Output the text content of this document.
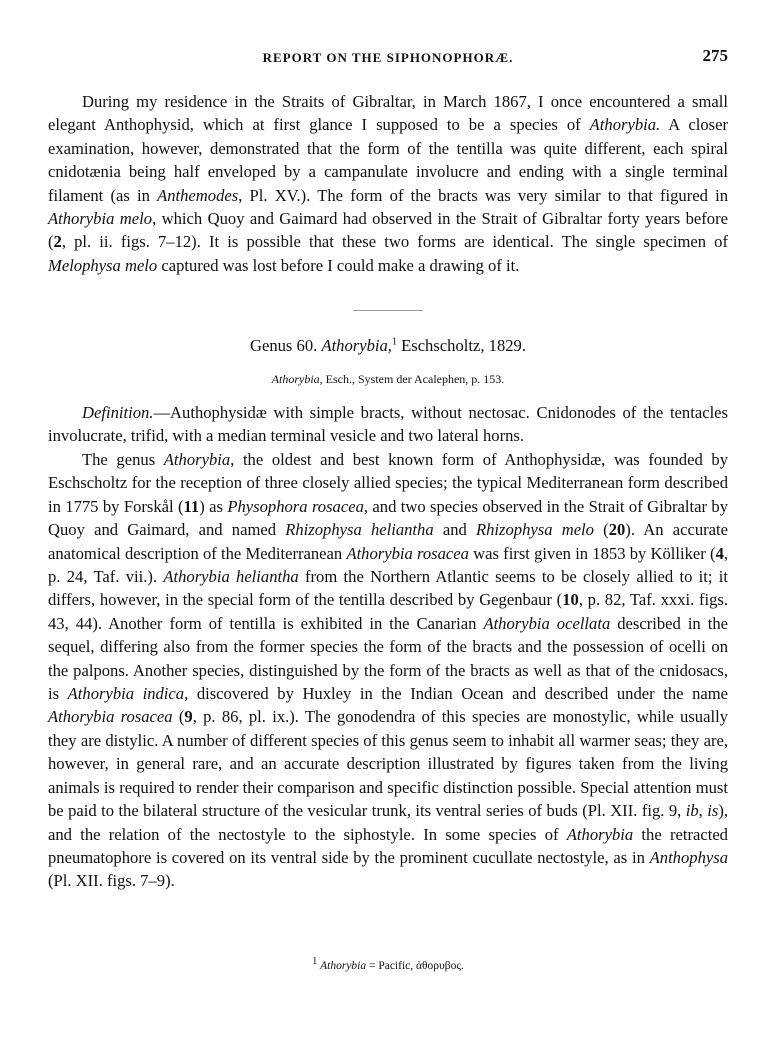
REPORT ON THE SIPHONOPHORÆ.	275

During my residence in the Straits of Gibraltar, in March 1867, I once encountered a small elegant Anthophysid, which at first glance I supposed to be a species of Athorybia. A closer examination, however, demonstrated that the form of the tentilla was quite different, each spiral cnidotænia being half enveloped by a campanulate involucre and ending with a single terminal filament (as in Anthemodes, Pl. XV.). The form of the bracts was very similar to that figured in Athorybia melo, which Quoy and Gaimard had observed in the Strait of Gibraltar forty years before (2, pl. ii. figs. 7–12). It is possible that these two forms are identical. The single specimen of Melophysa melo captured was lost before I could make a drawing of it.

Genus 60. Athorybia,$^1$ Eschscholtz, 1829.
Athorybia, Esch., System der Acalephen, p. 153.

Definition.—Authophysidæ with simple bracts, without nectosac. Cnidonodes of the tentacles involucrate, trifid, with a median terminal vesicle and two lateral horns.

The genus Athorybia, the oldest and best known form of Anthophysidæ, was founded by Eschscholtz for the reception of three closely allied species; the typical Mediterranean form described in 1775 by Forskål (11) as Physophora rosacea, and two species observed in the Strait of Gibraltar by Quoy and Gaimard, and named Rhizophysa heliantha and Rhizophysa melo (20). An accurate anatomical description of the Mediterranean Athorybia rosacea was first given in 1853 by Kölliker (4, p. 24, Taf. vii.). Athorybia heliantha from the Northern Atlantic seems to be closely allied to it; it differs, however, in the special form of the tentilla described by Gegenbaur (10, p. 82, Taf. xxxi. figs. 43, 44). Another form of tentilla is exhibited in the Canarian Athorybia ocellata described in the sequel, differing also from the former species the form of the bracts and the possession of ocelli on the palpons. Another species, distinguished by the form of the bracts as well as that of the cnidosacs, is Athorybia indica, discovered by Huxley in the Indian Ocean and described under the name Athorybia rosacea (9, p. 86, pl. ix.). The gonodendra of this species are monostylic, while usually they are distylic. A number of different species of this genus seem to inhabit all warmer seas; they are, however, in general rare, and an accurate description illustrated by figures taken from the living animals is required to render their comparison and specific distinction possible. Special attention must be paid to the bilateral structure of the vesicular trunk, its ventral series of buds (Pl. XII. fig. 9, ib, is), and the relation of the nectostyle to the siphostyle. In some species of Athorybia the retracted pneumatophore is covered on its ventral side by the prominent cucullate nectostyle, as in Anthophysa (Pl. XII. figs. 7–9).

$^1$ Athorybia = Pacific, ἀθορυβος.
